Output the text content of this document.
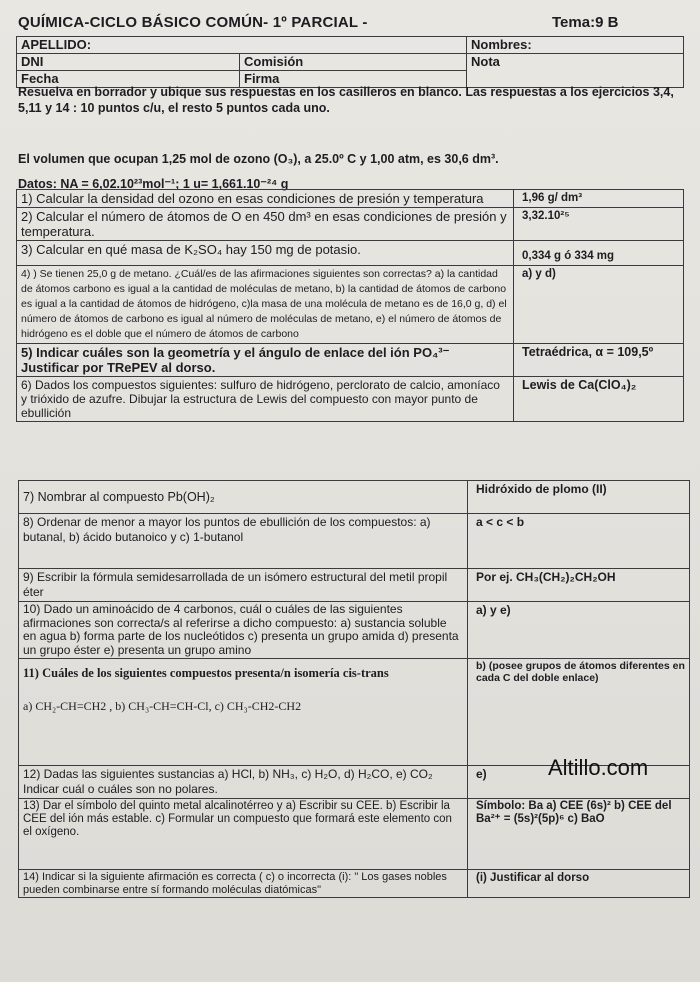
QUÍMICA-CICLO BÁSICO COMÚN- 1º PARCIAL -	Tema:9 B
APELLIDO:		Nombres:
DNI	Comisión	Nota
Fecha	Firma	
Resuelva en borrador y ubique sus respuestas en los casilleros en blanco. Las respuestas a los ejercicios 3,4, 5,11 y 14 : 10 puntos c/u, el resto 5 puntos cada uno.
El volumen que ocupan 1,25 mol de ozono (O₃), a 25.0º C y 1,00 atm, es 30,6 dm³.
Datos: NA = 6,02.10²³mol⁻¹; 1 u= 1,661.10⁻²⁴ g
1) Calcular la densidad del ozono en esas condiciones de presión y temperatura	1,96 g/ dm³
2) Calcular el número de átomos de O en 450 dm³ en esas condiciones de presión y temperatura.	3,32.10²⁵
3) Calcular en qué masa de K₂SO₄ hay 150 mg de potasio.	0,334 g ó 334 mg
4) ) Se tienen 25,0 g de metano. ¿Cuál/es de las afirmaciones siguientes son correctas? a) la cantidad de átomos carbono es igual a la cantidad de moléculas de metano, b) la cantidad de átomos de carbono es igual a la cantidad de átomos de hidrógeno, c)la masa de una molécula de metano es de 16,0 g, d) el número de átomos de carbono es igual al número de moléculas de metano, e) el número de átomos de hidrógeno es el doble que el número de átomos de carbono	a) y d)
5) Indicar cuáles son la geometría y el ángulo de enlace del ión PO₄³⁻ Justificar por TRePEV al dorso.	Tetraédrica, α = 109,5º
6) Dados los compuestos siguientes: sulfuro de hidrógeno, perclorato de calcio, amoníaco y trióxido de azufre. Dibujar la estructura de Lewis del compuesto con mayor punto de ebullición	Lewis de Ca(ClO₄)₂
7) Nombrar al compuesto Pb(OH)₂	Hidróxido de plomo (II)
8) Ordenar de menor a mayor los puntos de ebullición de los compuestos: a) butanal, b) ácido butanoico y c) 1-butanol	a < c < b
9) Escribir la fórmula semidesarrollada de un isómero estructural del metil propil éter	Por ej. CH₃(CH₂)₂CH₂OH
10) Dado un aminoácido de 4 carbonos, cuál o cuáles de las siguientes afirmaciones son correcta/s al referirse a dicho compuesto: a) sustancia soluble en agua b) forma parte de los nucleótidos c) presenta un grupo amida d) presenta un grupo éster e) presenta un grupo amino	a) y e)

11) Cuáles de los siguientes compuestos presenta/n isomería cis-trans
a) CH₂-CH=CH2 , b) CH₃-CH=CH-Cl, c) CH₃-CH2-CH2	b) (posee grupos de átomos diferentes en cada C del doble enlace)
12) Dadas las siguientes sustancias a) HCl, b) NH₃, c) H₂O, d) H₂CO, e) CO₂ Indicar cuál o cuáles son no polares.	e)
13) Dar el símbolo del quinto metal alcalinotérreo y a) Escribir su CEE. b) Escribir la CEE del ión más estable. c) Formular un compuesto que formará este elemento con el oxígeno.	Símbolo: Ba a) CEE (6s)² b) CEE del Ba²⁺ = (5s)²(5p)⁶ c) BaO
14) Indicar si la siguiente afirmación es correcta ( c) o incorrecta (i): " Los gases nobles pueden combinarse entre sí formando moléculas diatómicas"	(i) Justificar al dorso
Altillo.com
